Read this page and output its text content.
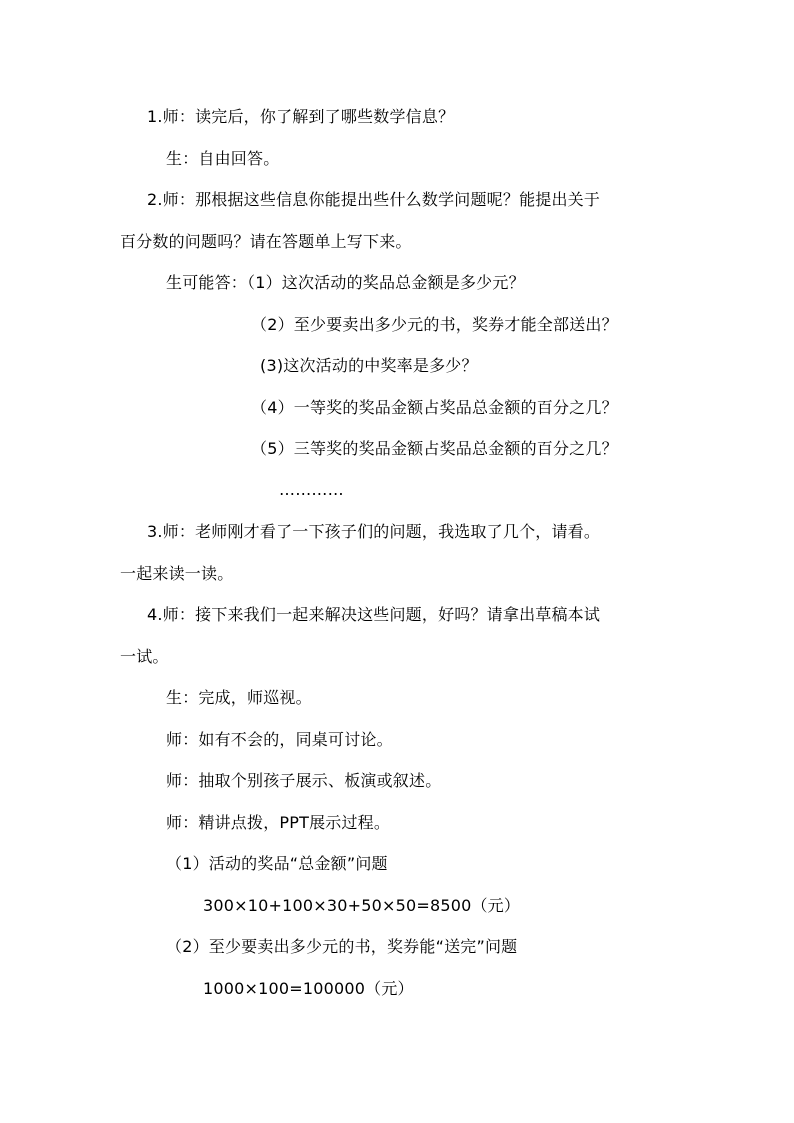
1.师：读完后，你了解到了哪些数学信息？
生：自由回答。
2.师：那根据这些信息你能提出些什么数学问题呢？能提出关于
百分数的问题吗？请在答题单上写下来。
生可能答：（1）这次活动的奖品总金额是多少元？
（2）至少要卖出多少元的书，奖券才能全部送出？
(3)这次活动的中奖率是多少？
（4）一等奖的奖品金额占奖品总金额的百分之几？
（5）三等奖的奖品金额占奖品总金额的百分之几？
…………
3.师：老师刚才看了一下孩子们的问题，我选取了几个，请看。
一起来读一读。
4.师：接下来我们一起来解决这些问题，好吗？请拿出草稿本试
一试。
生：完成，师巡视。
师：如有不会的，同桌可讨论。
师：抽取个别孩子展示、板演或叙述。
师：精讲点拨，PPT展示过程。
（1）活动的奖品“总金额”问题
300×10+100×30+50×50=8500（元）
（2）至少要卖出多少元的书，奖券能“送完”问题
1000×100=100000（元）
